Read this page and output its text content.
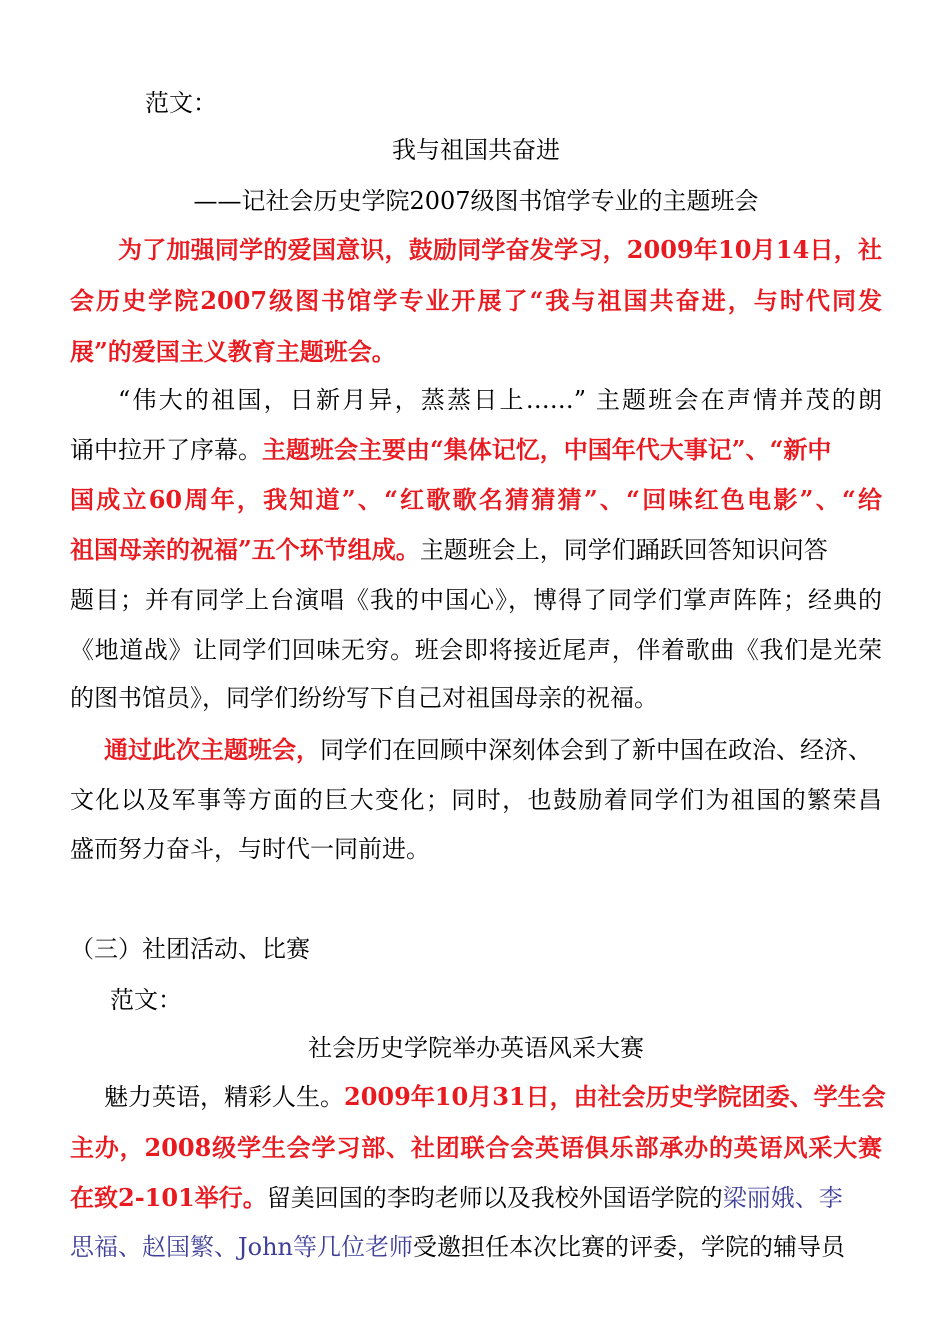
范文：
我与祖国共奋进
——记社会历史学院2007级图书馆学专业的主题班会
为了加强同学的爱国意识，鼓励同学奋发学习，2009年10月14日，社
会历史学院2007级图书馆学专业开展了“我与祖国共奋进，与时代同发
展”的爱国主义教育主题班会。
“伟大的祖国，日新月异，蒸蒸日上……” 主题班会在声情并茂的朗
诵中拉开了序幕。主题班会主要由“集体记忆，中国年代大事记”、“新中
国成立60周年，我知道”、“红歌歌名猜猜猜”、“回味红色电影”、“给
祖国母亲的祝福”五个环节组成。主题班会上，同学们踊跃回答知识问答
题目；并有同学上台演唱《我的中国心》，博得了同学们掌声阵阵；经典的
《地道战》让同学们回味无穷。班会即将接近尾声，伴着歌曲《我们是光荣
的图书馆员》，同学们纷纷写下自己对祖国母亲的祝福。
通过此次主题班会，同学们在回顾中深刻体会到了新中国在政治、经济、
文化以及军事等方面的巨大变化；同时，也鼓励着同学们为祖国的繁荣昌
盛而努力奋斗，与时代一同前进。
（三）社团活动、比赛
范文：
社会历史学院举办英语风采大赛
魅力英语，精彩人生。2009年10月31日，由社会历史学院团委、学生会
主办，2008级学生会学习部、社团联合会英语俱乐部承办的英语风采大赛
在致2-101举行。留美回国的李昀老师以及我校外国语学院的梁丽娥、李
思福、赵国繁、John等几位老师受邀担任本次比赛的评委，学院的辅导员
